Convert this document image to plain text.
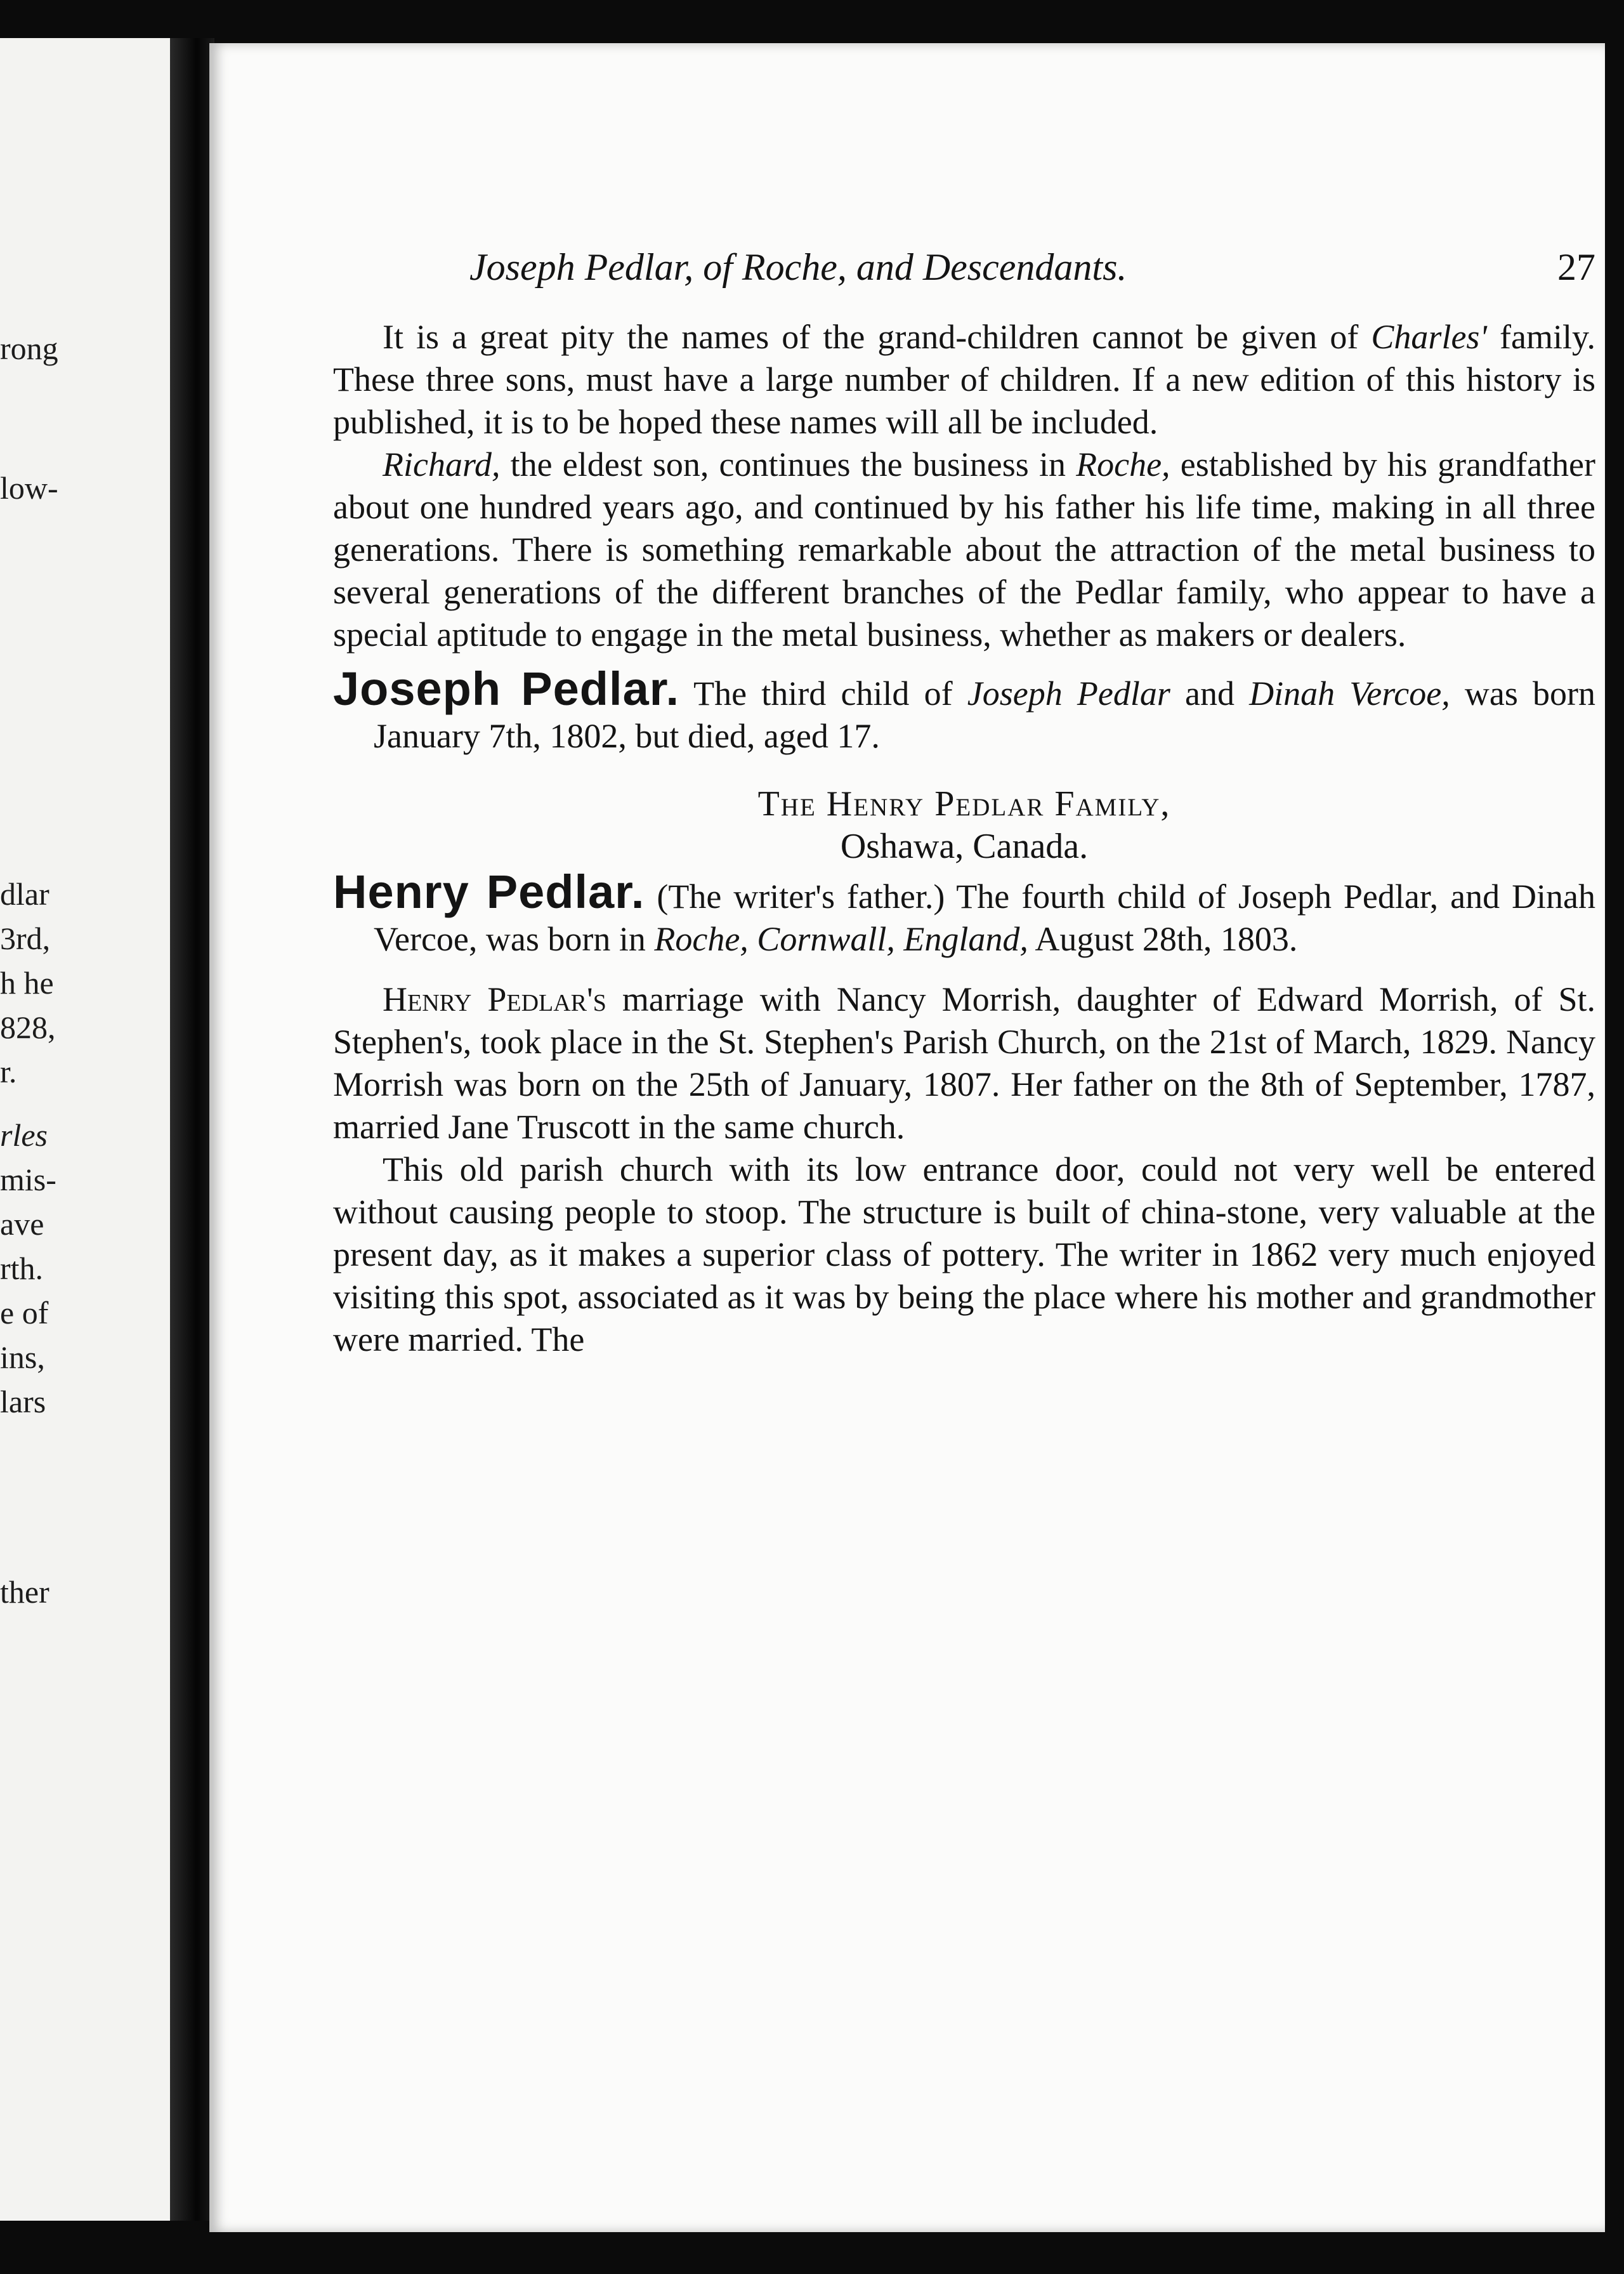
rong
low-
dlar
3rd,
h he
828,
r.
rles
mis-
ave
rth.
e of
ins,
lars
ther
Joseph Pedlar, of Roche, and Descendants.	27

It is a great pity the names of the grand-children cannot be given of Charles' family. These three sons, must have a large number of children. If a new edition of this history is published, it is to be hoped these names will all be included.

Richard, the eldest son, continues the business in Roche, established by his grandfather about one hundred years ago, and continued by his father his life time, making in all three generations. There is something remarkable about the attraction of the metal business to several generations of the different branches of the Pedlar family, who appear to have a special aptitude to engage in the metal business, whether as makers or dealers.

Joseph Pedlar. The third child of Joseph Pedlar and Dinah Vercoe, was born January 7th, 1802, but died, aged 17.

The Henry Pedlar Family,
Oshawa, Canada.

Henry Pedlar. (The writer's father.) The fourth child of Joseph Pedlar, and Dinah Vercoe, was born in Roche, Cornwall, England, August 28th, 1803.

Henry Pedlar's marriage with Nancy Morrish, daughter of Edward Morrish, of St. Stephen's, took place in the St. Stephen's Parish Church, on the 21st of March, 1829. Nancy Morrish was born on the 25th of January, 1807. Her father on the 8th of September, 1787, married Jane Truscott in the same church.

This old parish church with its low entrance door, could not very well be entered without causing people to stoop. The structure is built of china-stone, very valuable at the present day, as it makes a superior class of pottery. The writer in 1862 very much enjoyed visiting this spot, associated as it was by being the place where his mother and grandmother were married. The
